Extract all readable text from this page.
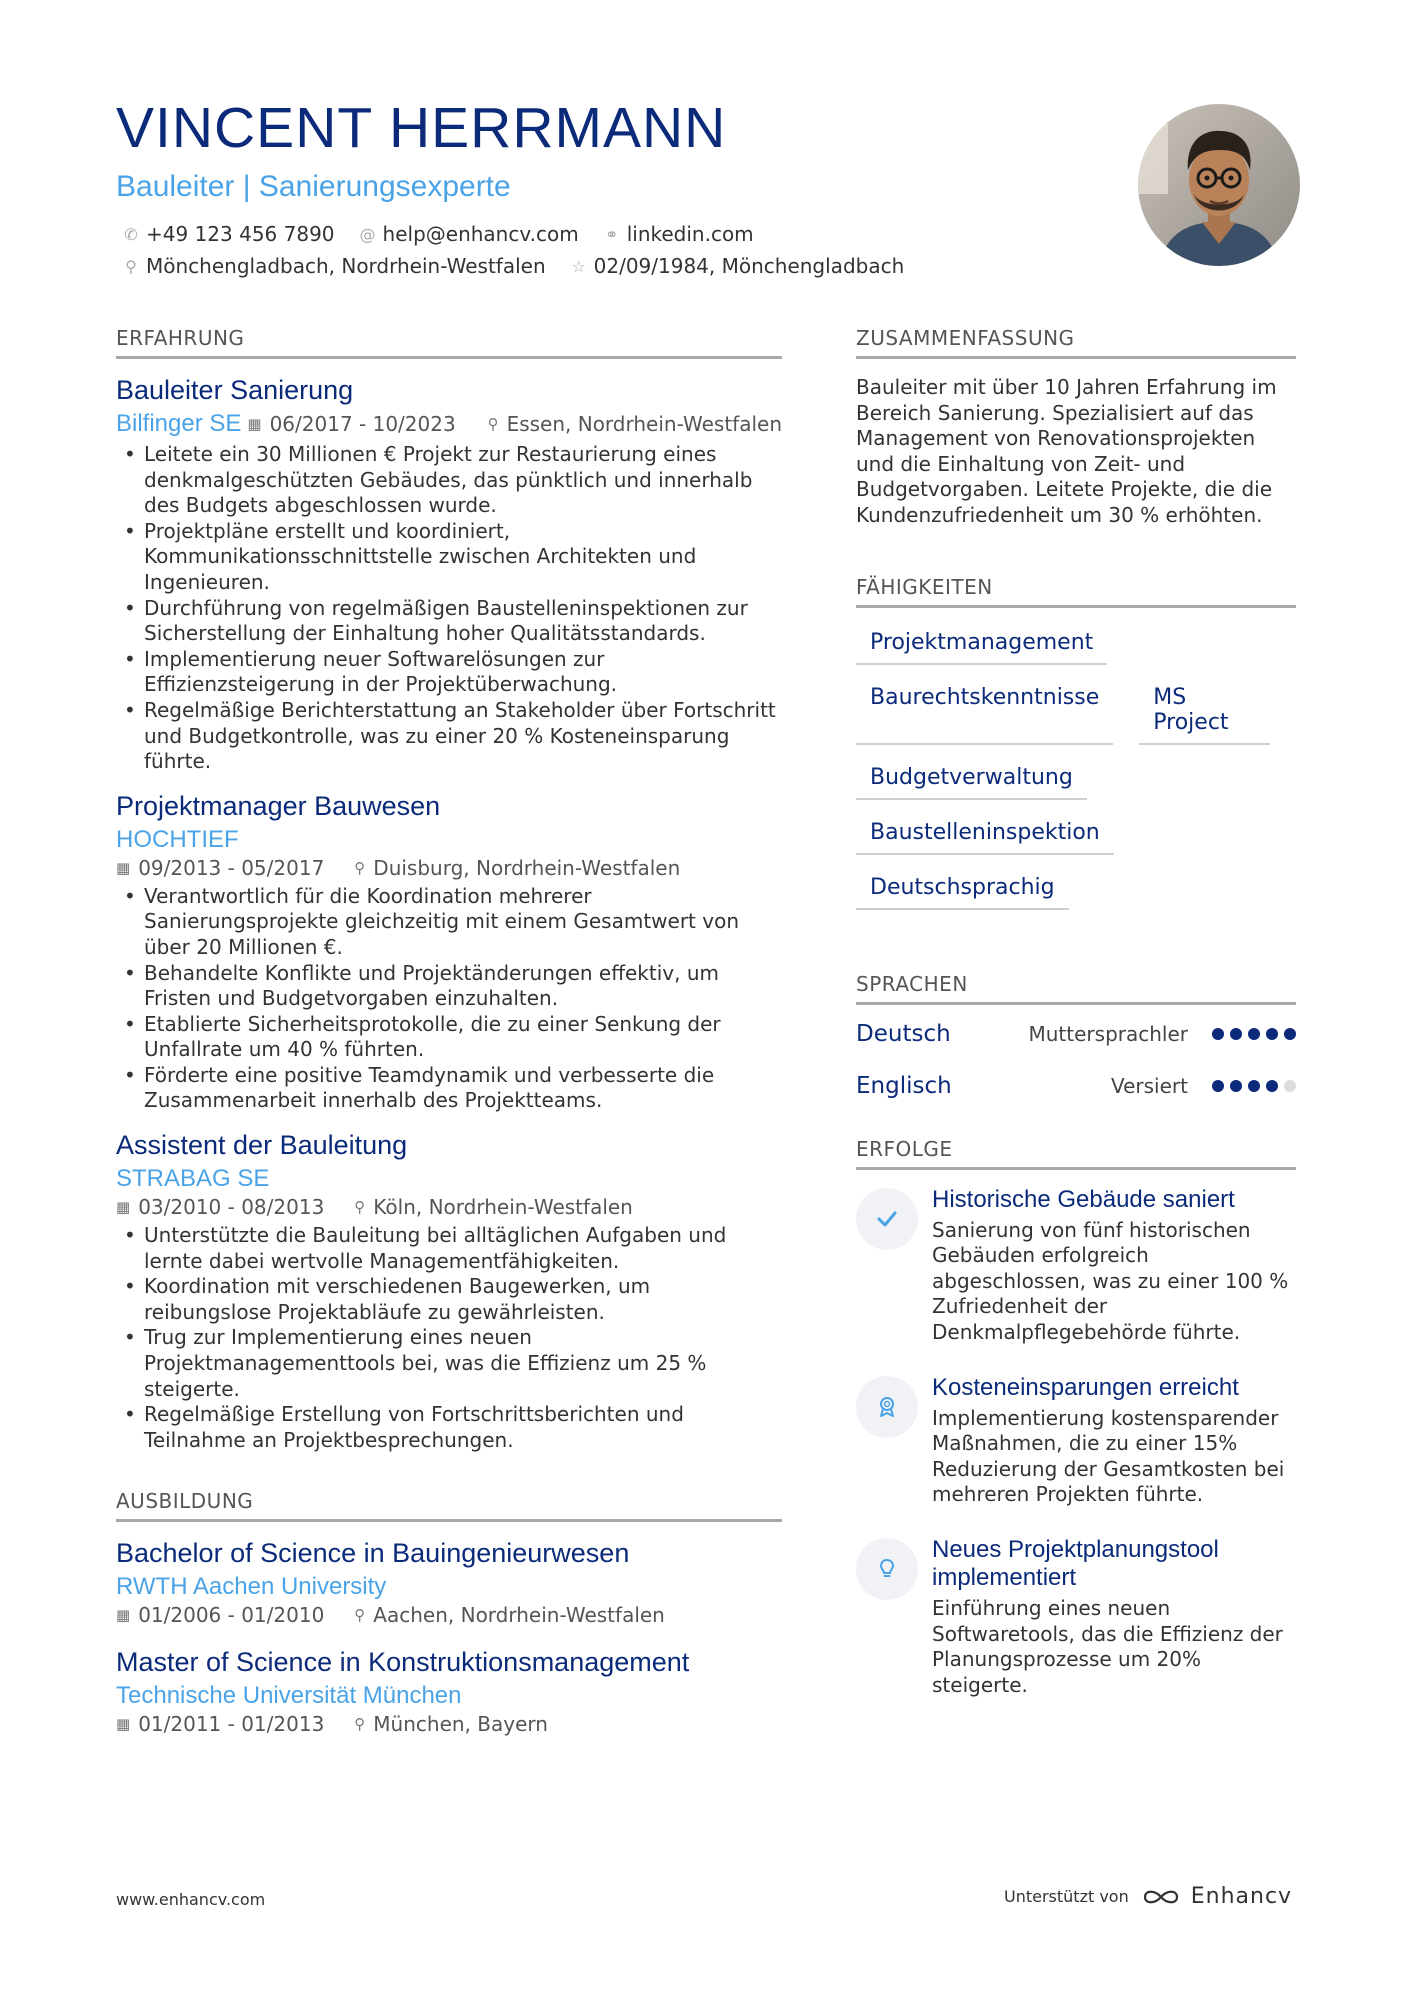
VINCENT HERRMANN
Bauleiter | Sanierungsexperte
✆ +49 123 456 7890 @ help@enhancv.com ⚭ linkedin.com
⚲ Mönchengladbach, Nordrhein-Westfalen ☆ 02/09/1984, Mönchengladbach
ERFAHRUNG
Bauleiter Sanierung
Bilfinger SE ▦ 06/2017 - 10/2023 ⚲ Essen, Nordrhein-Westfalen
• Leitete ein 30 Millionen € Projekt zur Restaurierung eines denkmalgeschützten Gebäudes, das pünktlich und innerhalb des Budgets abgeschlossen wurde.
• Projektpläne erstellt und koordiniert, Kommunikationsschnittstelle zwischen Architekten und Ingenieuren.
• Durchführung von regelmäßigen Baustelleninspektionen zur Sicherstellung der Einhaltung hoher Qualitätsstandards.
• Implementierung neuer Softwarelösungen zur Effizienzsteigerung in der Projektüberwachung.
• Regelmäßige Berichterstattung an Stakeholder über Fortschritt und Budgetkontrolle, was zu einer 20 % Kosteneinsparung führte.
Projektmanager Bauwesen
HOCHTIEF
▦ 09/2013 - 05/2017 ⚲ Duisburg, Nordrhein-Westfalen
• Verantwortlich für die Koordination mehrerer Sanierungsprojekte gleichzeitig mit einem Gesamtwert von über 20 Millionen €.
• Behandelte Konflikte und Projektänderungen effektiv, um Fristen und Budgetvorgaben einzuhalten.
• Etablierte Sicherheitsprotokolle, die zu einer Senkung der Unfallrate um 40 % führten.
• Förderte eine positive Teamdynamik und verbesserte die Zusammenarbeit innerhalb des Projektteams.
Assistent der Bauleitung
STRABAG SE
▦ 03/2010 - 08/2013 ⚲ Köln, Nordrhein-Westfalen
• Unterstützte die Bauleitung bei alltäglichen Aufgaben und lernte dabei wertvolle Managementfähigkeiten.
• Koordination mit verschiedenen Baugewerken, um reibungslose Projektabläufe zu gewährleisten.
• Trug zur Implementierung eines neuen Projektmanagementtools bei, was die Effizienz um 25 % steigerte.
• Regelmäßige Erstellung von Fortschrittsberichten und Teilnahme an Projektbesprechungen.
AUSBILDUNG
Bachelor of Science in Bauingenieurwesen
RWTH Aachen University
▦ 01/2006 - 01/2010 ⚲ Aachen, Nordrhein-Westfalen
Master of Science in Konstruktionsmanagement
Technische Universität München
▦ 01/2011 - 01/2013 ⚲ München, Bayern
ZUSAMMENFASSUNG

Bauleiter mit über 10 Jahren Erfahrung im Bereich Sanierung. Spezialisiert auf das Management von Renovationsprojekten und die Einhaltung von Zeit- und Budgetvorgaben. Leitete Projekte, die die Kundenzufriedenheit um 30 % erhöhten.

FÄHIGKEITEN
Projektmanagement
Baurechtskenntnisse	MS Project
Budgetverwaltung
Baustelleninspektion
Deutschsprachig
SPRACHEN
Deutsch	Muttersprachler
Englisch	Versiert
ERFOLGE
Historische Gebäude saniert
Sanierung von fünf historischen Gebäuden erfolgreich abgeschlossen, was zu einer 100 % Zufriedenheit der Denkmalpflegebehörde führte.
Kosteneinsparungen erreicht
Implementierung kostensparender Maßnahmen, die zu einer 15% Reduzierung der Gesamtkosten bei mehreren Projekten führte.
Neues Projektplanungstool implementiert
Einführung eines neuen Softwaretools, das die Effizienz der Planungsprozesse um 20% steigerte.
www.enhancv.com	Unterstützt von	Enhancv
